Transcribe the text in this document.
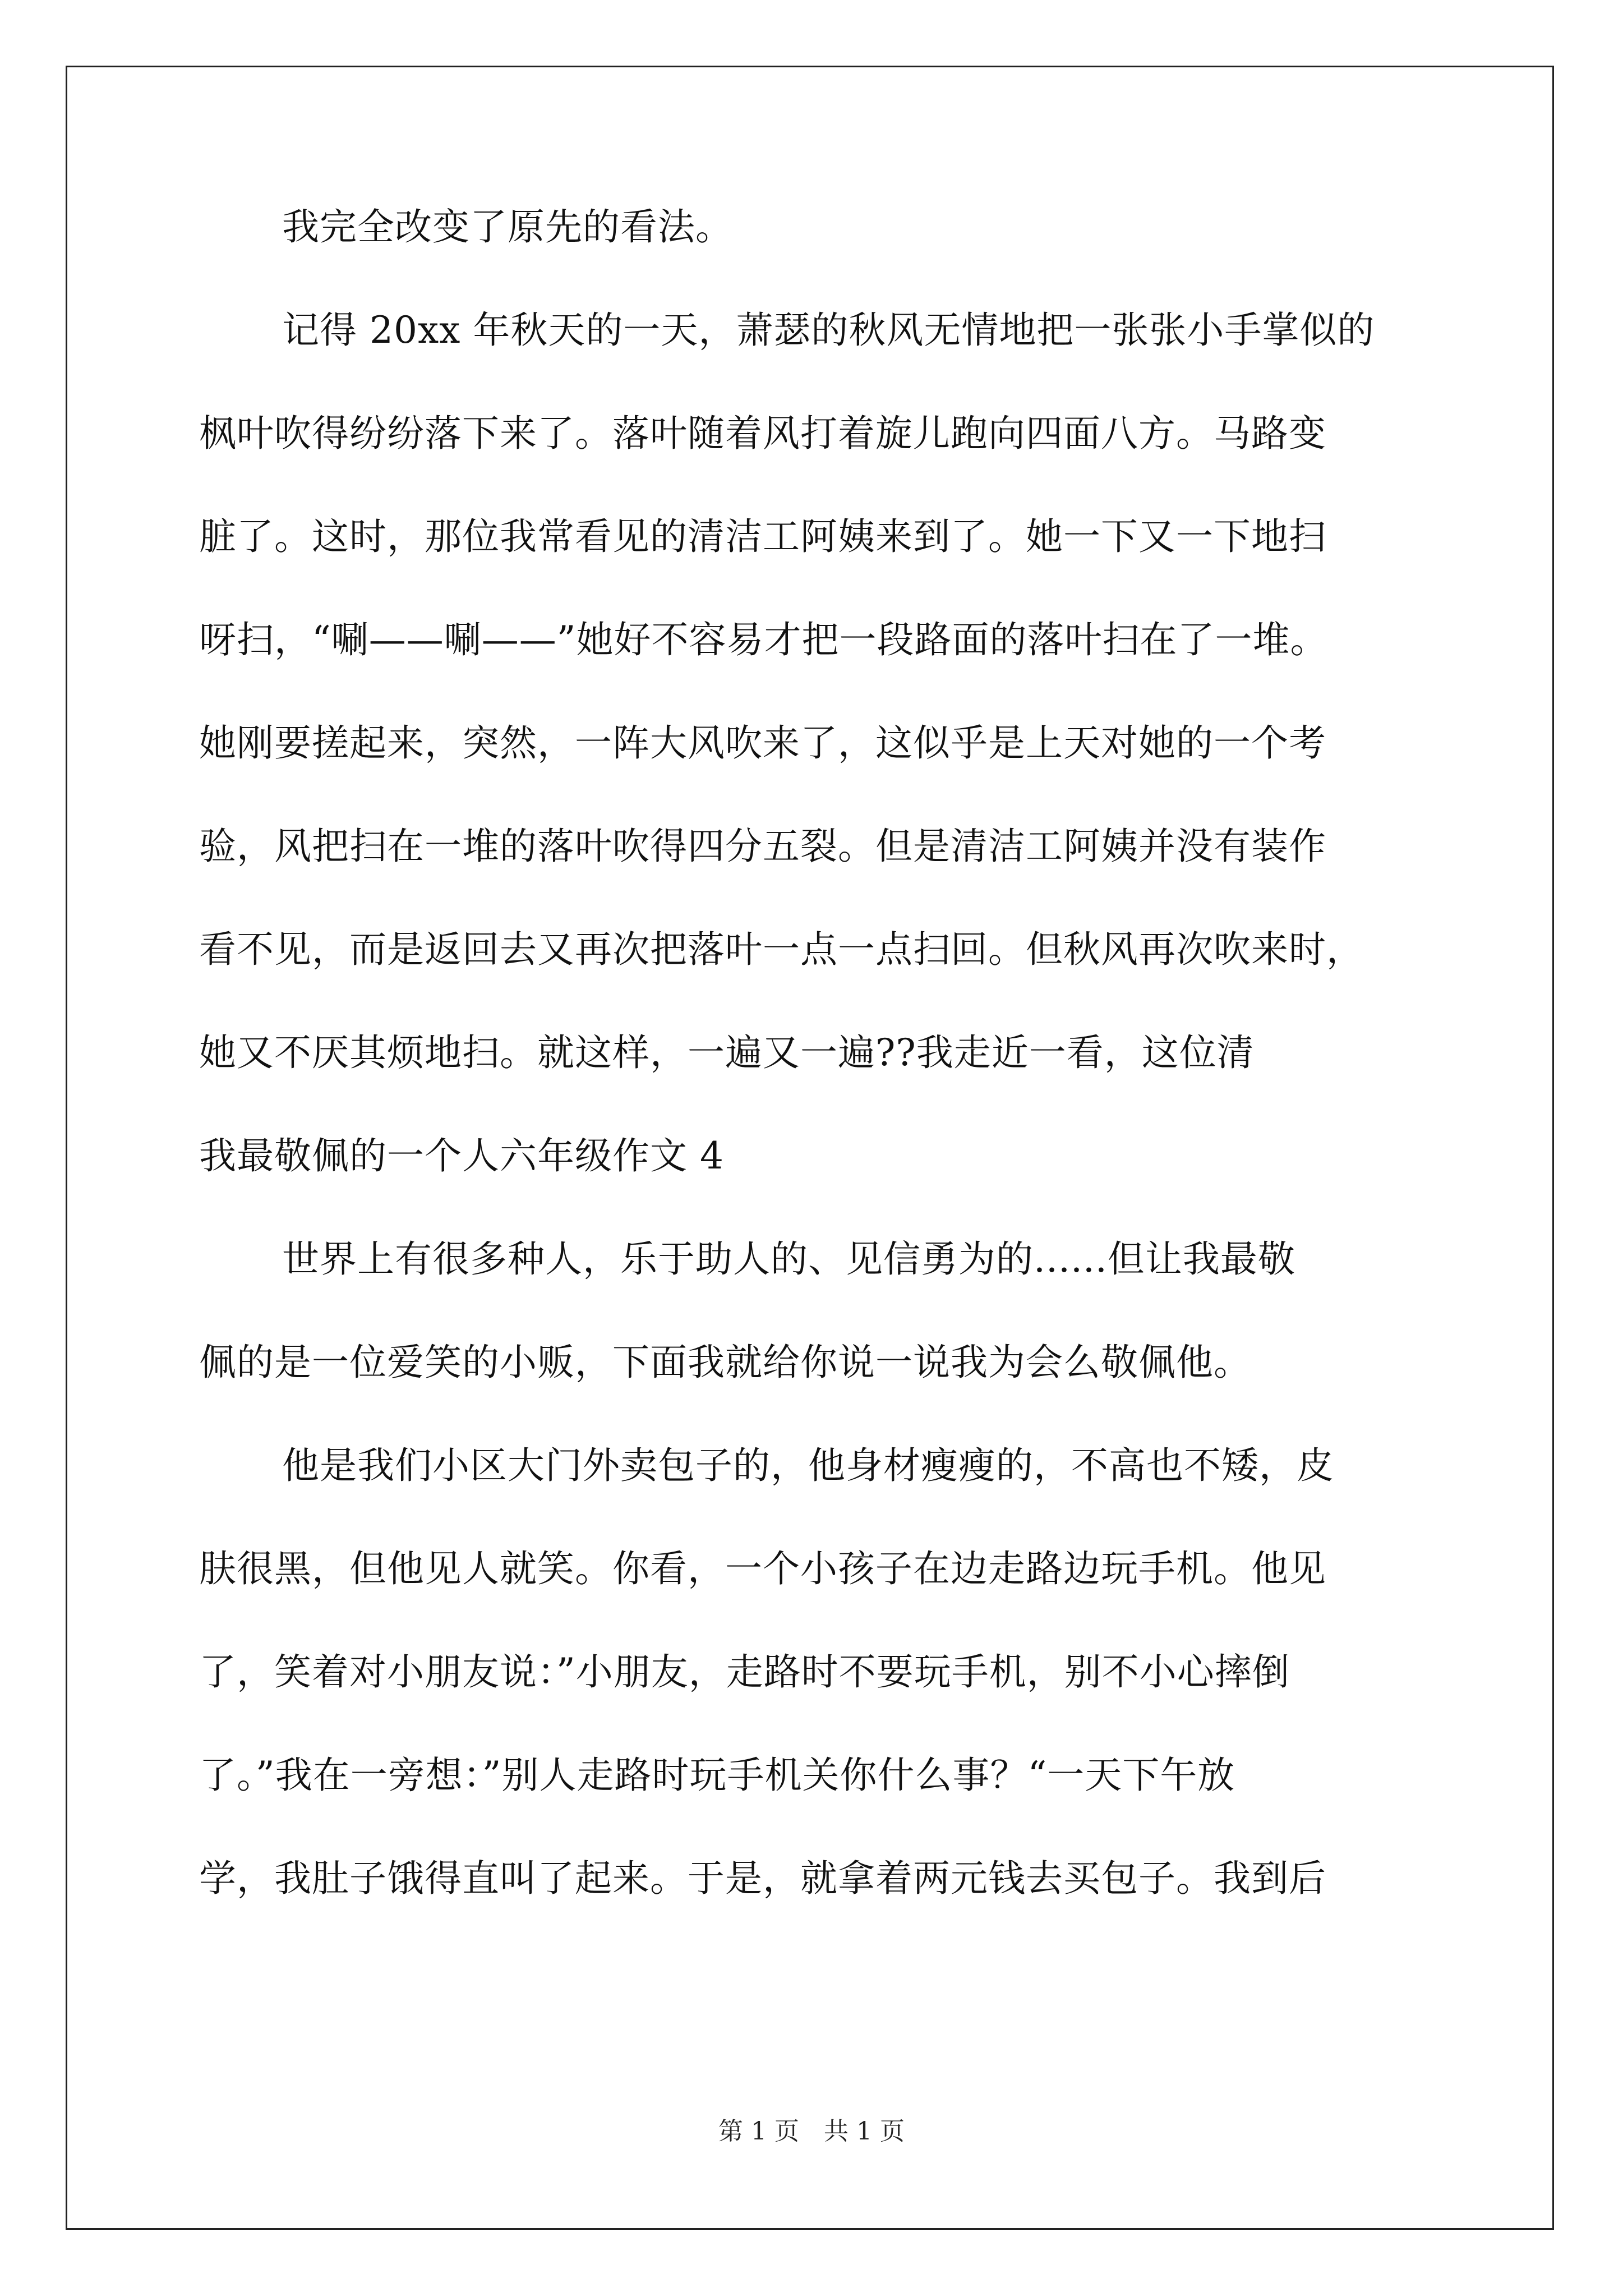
我完全改变了原先的看法。
记得 20xx 年秋天的一天，萧瑟的秋风无情地把一张张小手掌似的
枫叶吹得纷纷落下来了。落叶随着风打着旋儿跑向四面八方。马路变
脏了。这时，那位我常看见的清洁工阿姨来到了。她一下又一下地扫
呀扫，“唰——唰——”她好不容易才把一段路面的落叶扫在了一堆。
她刚要搓起来，突然，一阵大风吹来了，这似乎是上天对她的一个考
验，风把扫在一堆的落叶吹得四分五裂。但是清洁工阿姨并没有装作
看不见，而是返回去又再次把落叶一点一点扫回。但秋风再次吹来时，
她又不厌其烦地扫。就这样，一遍又一遍??我走近一看，这位清
我最敬佩的一个人六年级作文 4
世界上有很多种人，乐于助人的、见信勇为的......但让我最敬
佩的是一位爱笑的小贩，下面我就给你说一说我为会么敬佩他。
他是我们小区大门外卖包子的，他身材瘦瘦的，不高也不矮，皮
肤很黑，但他见人就笑。你看，一个小孩子在边走路边玩手机。他见
了，笑着对小朋友说：”小朋友，走路时不要玩手机，别不小心摔倒
了。”我在一旁想：”别人走路时玩手机关你什么事？“一天下午放
学，我肚子饿得直叫了起来。于是，就拿着两元钱去买包子。我到后
第 1 页　共 1 页
